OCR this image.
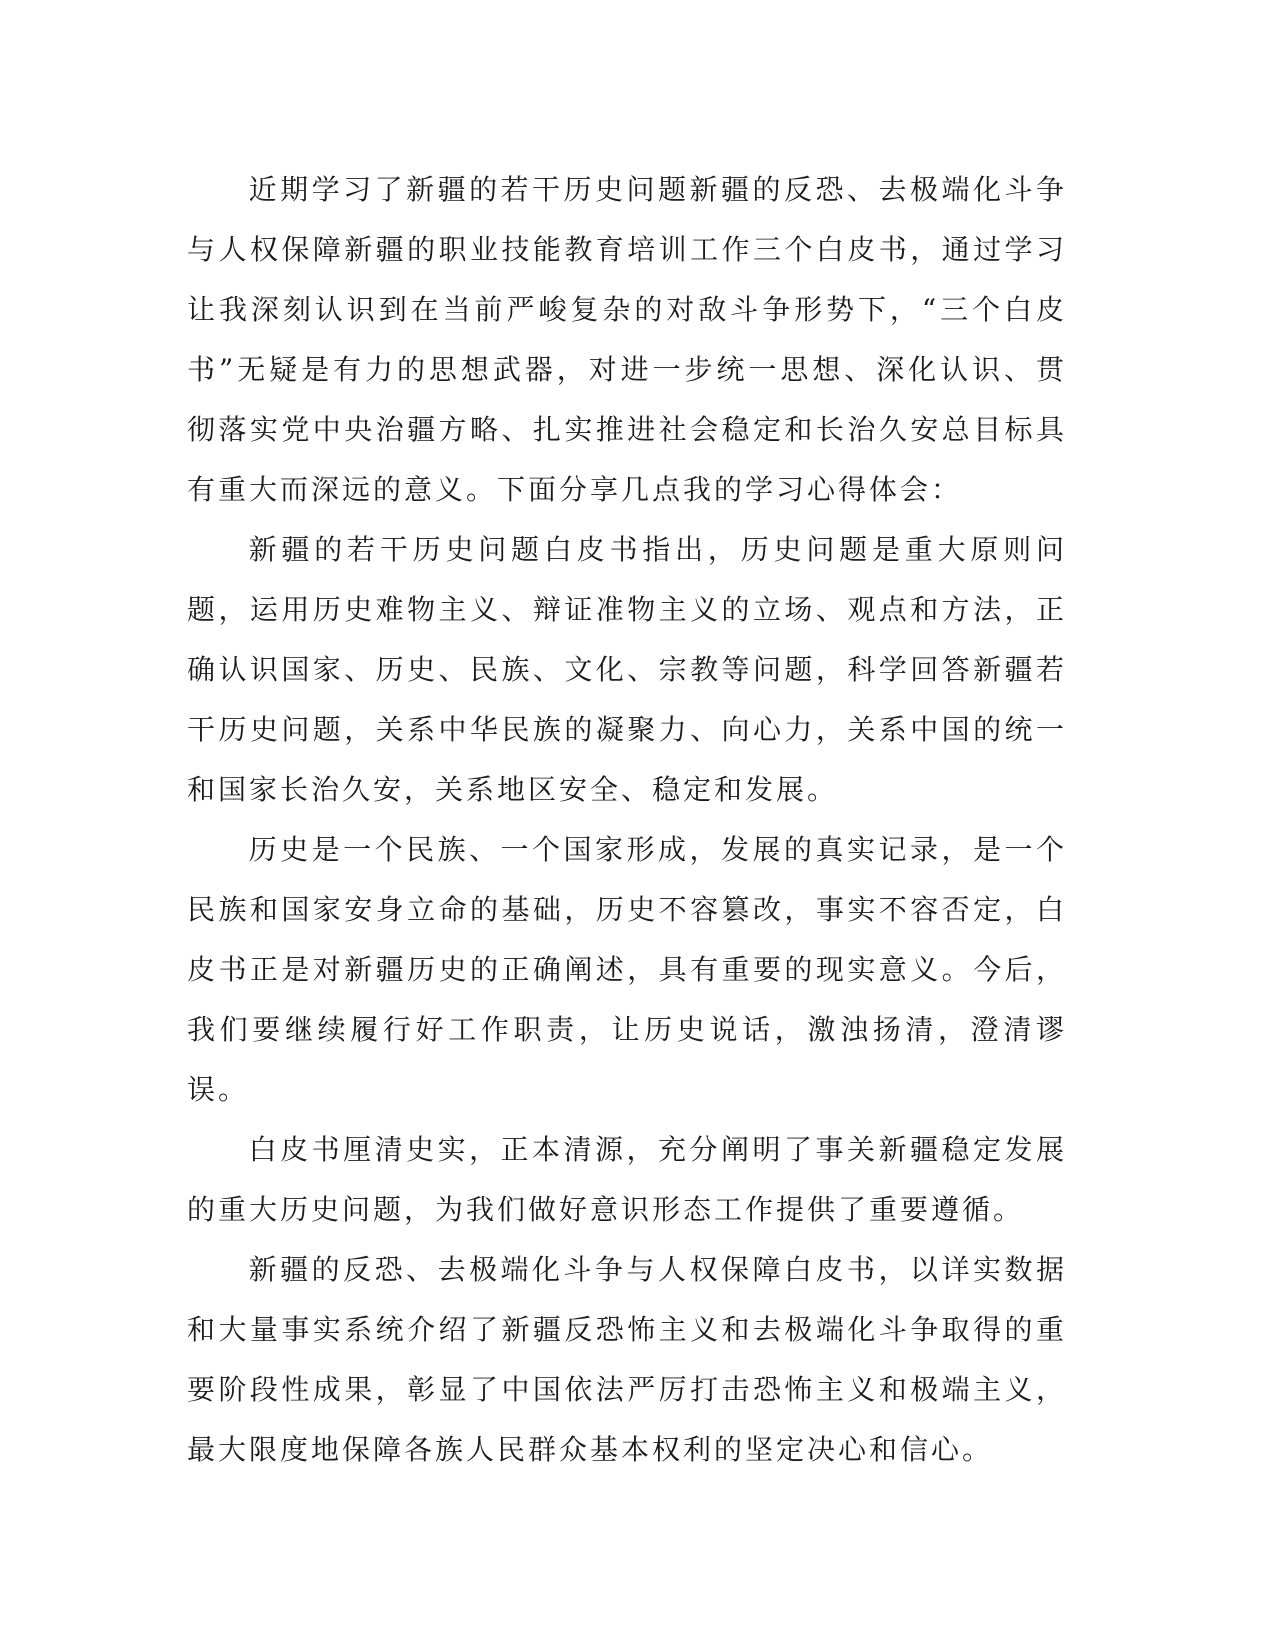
近期学习了新疆的若干历史问题新疆的反恐、去极端化斗争与人权保障新疆的职业技能教育培训工作三个白皮书，通过学习让我深刻认识到在当前严峻复杂的对敌斗争形势下，“三个白皮书”无疑是有力的思想武器，对进一步统一思想、深化认识、贯彻落实党中央治疆方略、扎实推进社会稳定和长治久安总目标具有重大而深远的意义。下面分享几点我的学习心得体会：

新疆的若干历史问题白皮书指出，历史问题是重大原则问题，运用历史难物主义、辩证准物主义的立场、观点和方法，正确认识国家、历史、民族、文化、宗教等问题，科学回答新疆若干历史问题，关系中华民族的凝聚力、向心力，关系中国的统一和国家长治久安，关系地区安全、稳定和发展。

历史是一个民族、一个国家形成，发展的真实记录，是一个民族和国家安身立命的基础，历史不容篡改，事实不容否定，白皮书正是对新疆历史的正确阐述，具有重要的现实意义。今后，我们要继续履行好工作职责，让历史说话，激浊扬清，澄清谬误。

白皮书厘清史实，正本清源，充分阐明了事关新疆稳定发展的重大历史问题，为我们做好意识形态工作提供了重要遵循。

新疆的反恐、去极端化斗争与人权保障白皮书，以详实数据和大量事实系统介绍了新疆反恐怖主义和去极端化斗争取得的重要阶段性成果，彰显了中国依法严厉打击恐怖主义和极端主义，最大限度地保障各族人民群众基本权利的坚定决心和信心。
